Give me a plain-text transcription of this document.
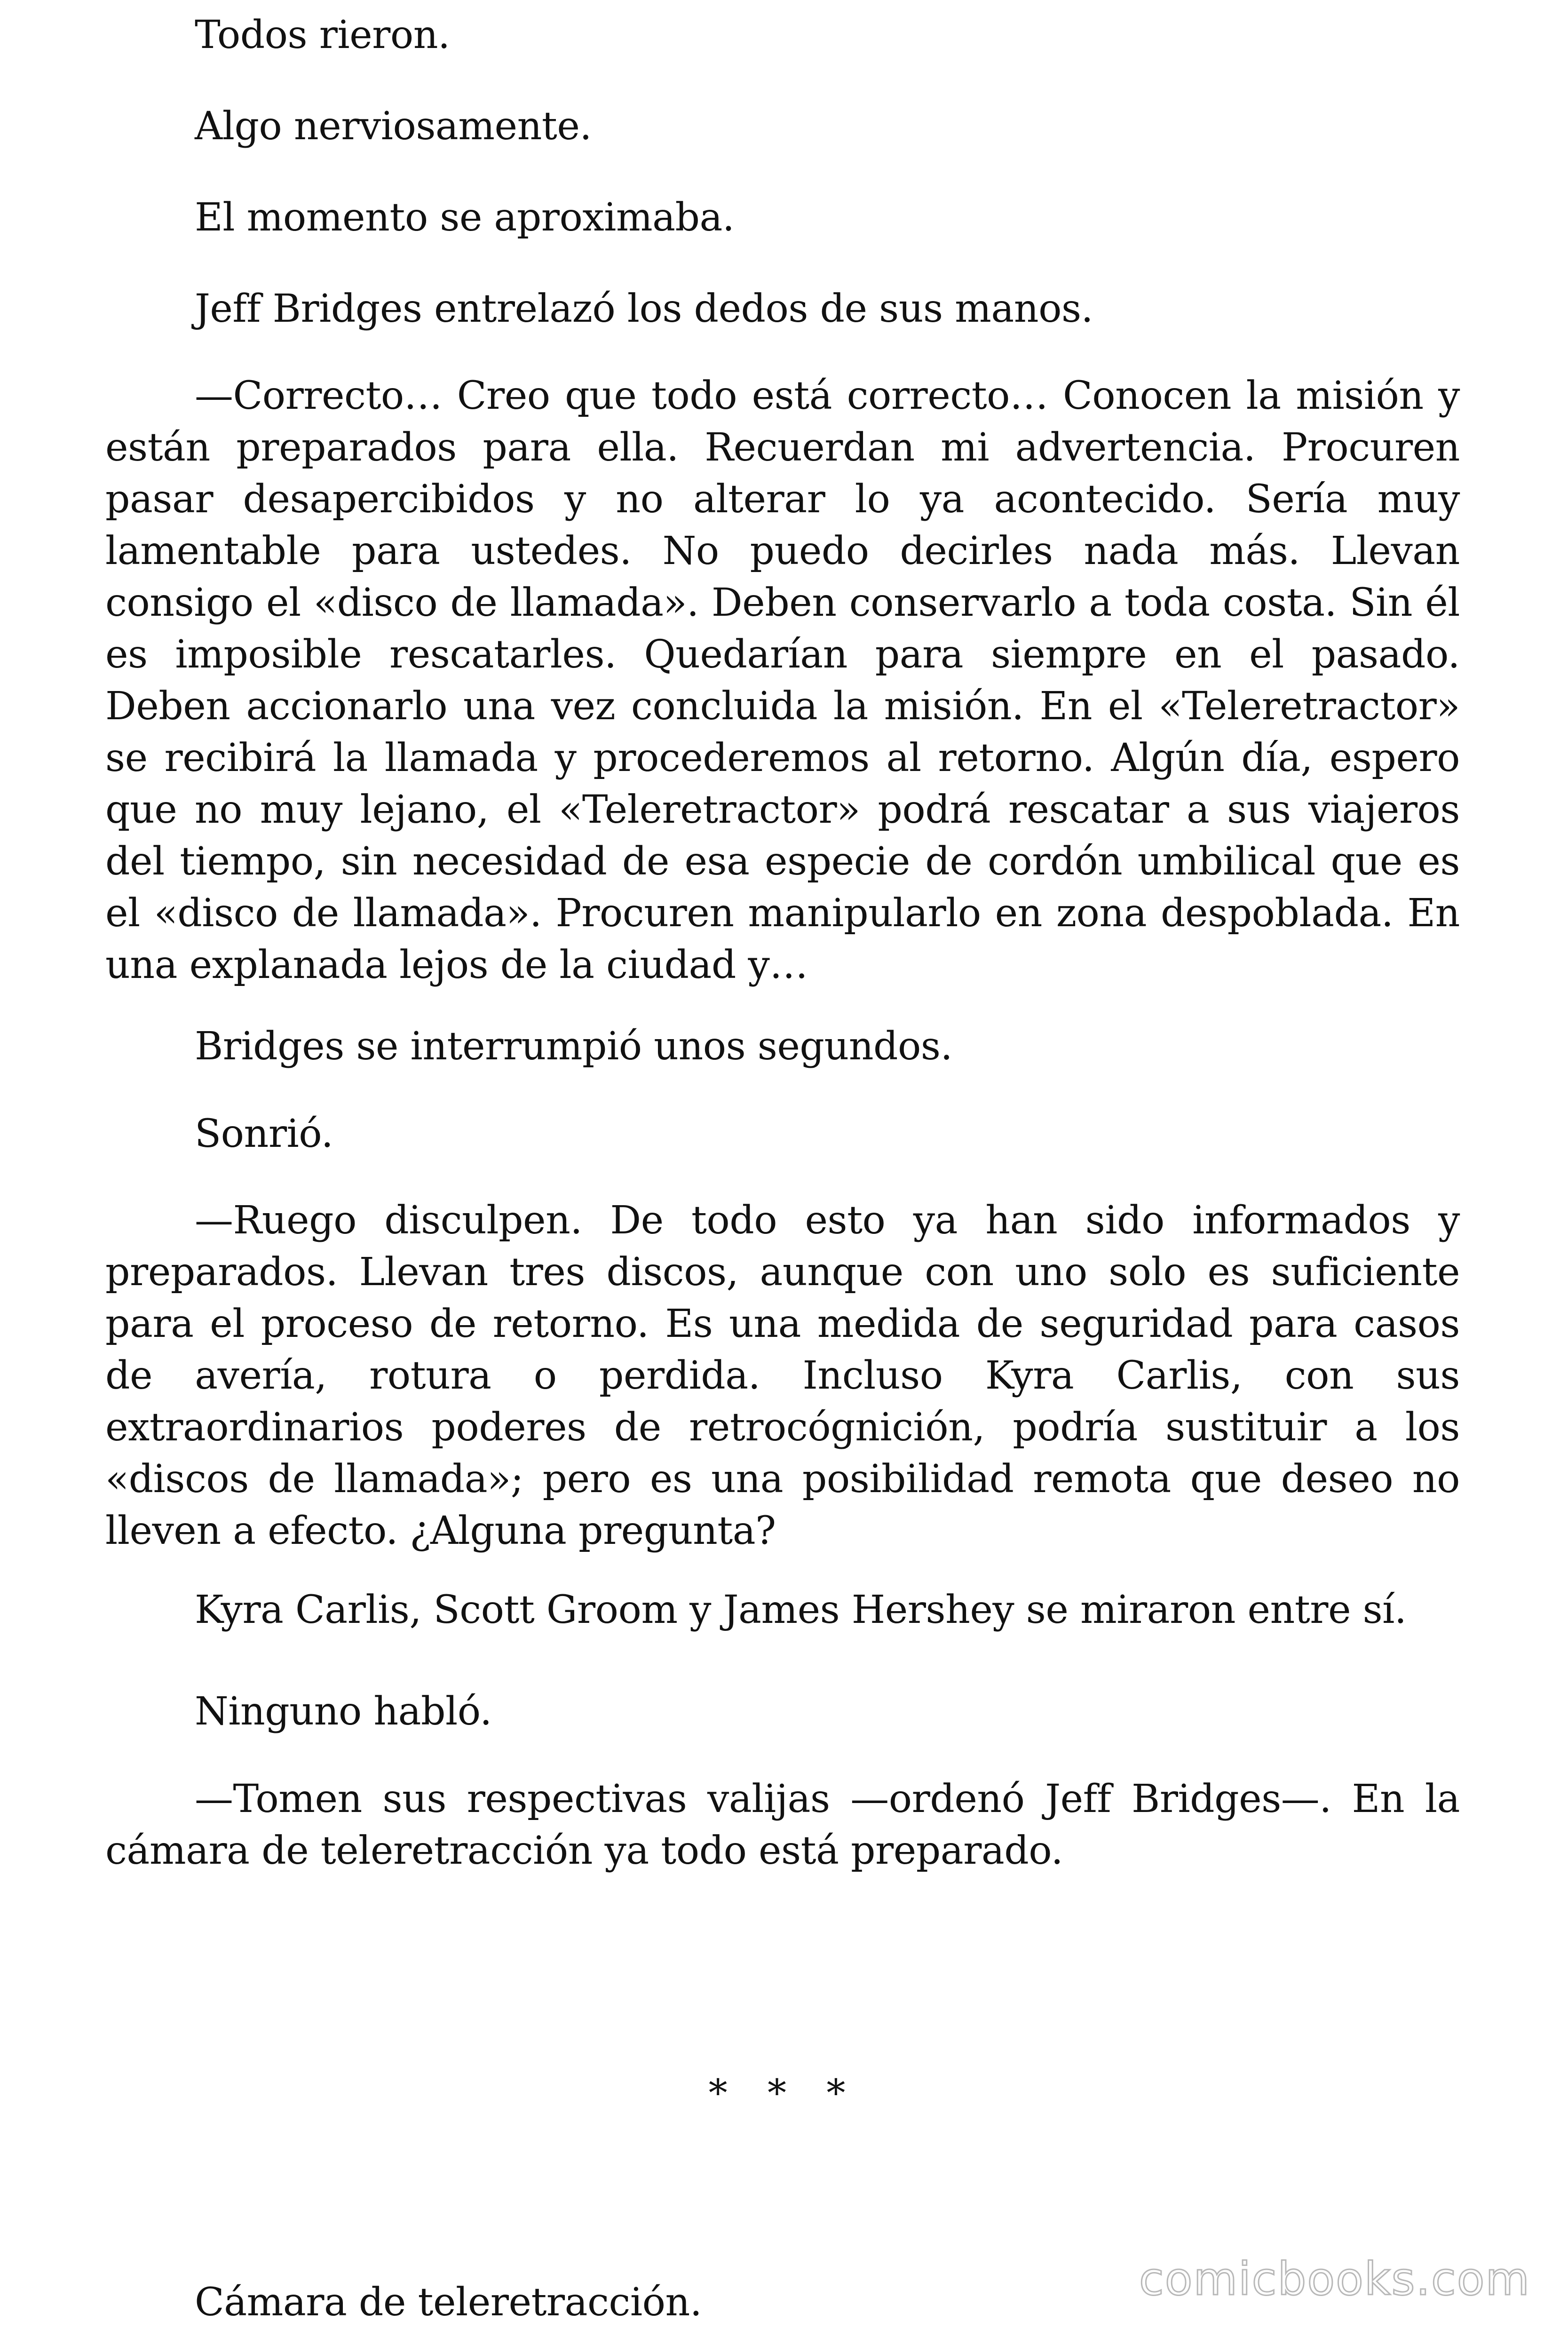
Todos rieron.

Algo nerviosamente.

El momento se aproximaba.

Jeff Bridges entrelazó los dedos de sus manos.

—Correcto… Creo que todo está correcto… Conocen la misión y están preparados para ella. Recuerdan mi advertencia. Procuren pasar desapercibidos y no alterar lo ya acontecido. Sería muy lamentable para ustedes. No puedo decirles nada más. Llevan consigo el «disco de llamada». Deben conservarlo a toda costa. Sin él es imposible rescatarles. Quedarían para siempre en el pasado. Deben accionarlo una vez concluida la misión. En el «Teleretractor» se recibirá la llamada y procederemos al retorno. Algún día, espero que no muy lejano, el «Teleretractor» podrá rescatar a sus viajeros del tiempo, sin necesidad de esa especie de cordón umbilical que es el «disco de llamada». Procuren manipularlo en zona despoblada. En una explanada lejos de la ciudad y…

Bridges se interrumpió unos segundos.

Sonrió.

—Ruego disculpen. De todo esto ya han sido informados y preparados. Llevan tres discos, aunque con uno solo es suficiente para el proceso de retorno. Es una medida de seguridad para casos de avería, rotura o perdida. Incluso Kyra Carlis, con sus extraordinarios poderes de retrocógnición, podría sustituir a los «discos de llamada»; pero es una posibilidad remota que deseo no lleven a efecto. ¿Alguna pregunta?

Kyra Carlis, Scott Groom y James Hershey se miraron entre sí.

Ninguno habló.

—Tomen sus respectivas valijas —ordenó Jeff Bridges—. En la cámara de teleretracción ya todo está preparado.

* * *

Cámara de teleretracción.	comicbooks.com
